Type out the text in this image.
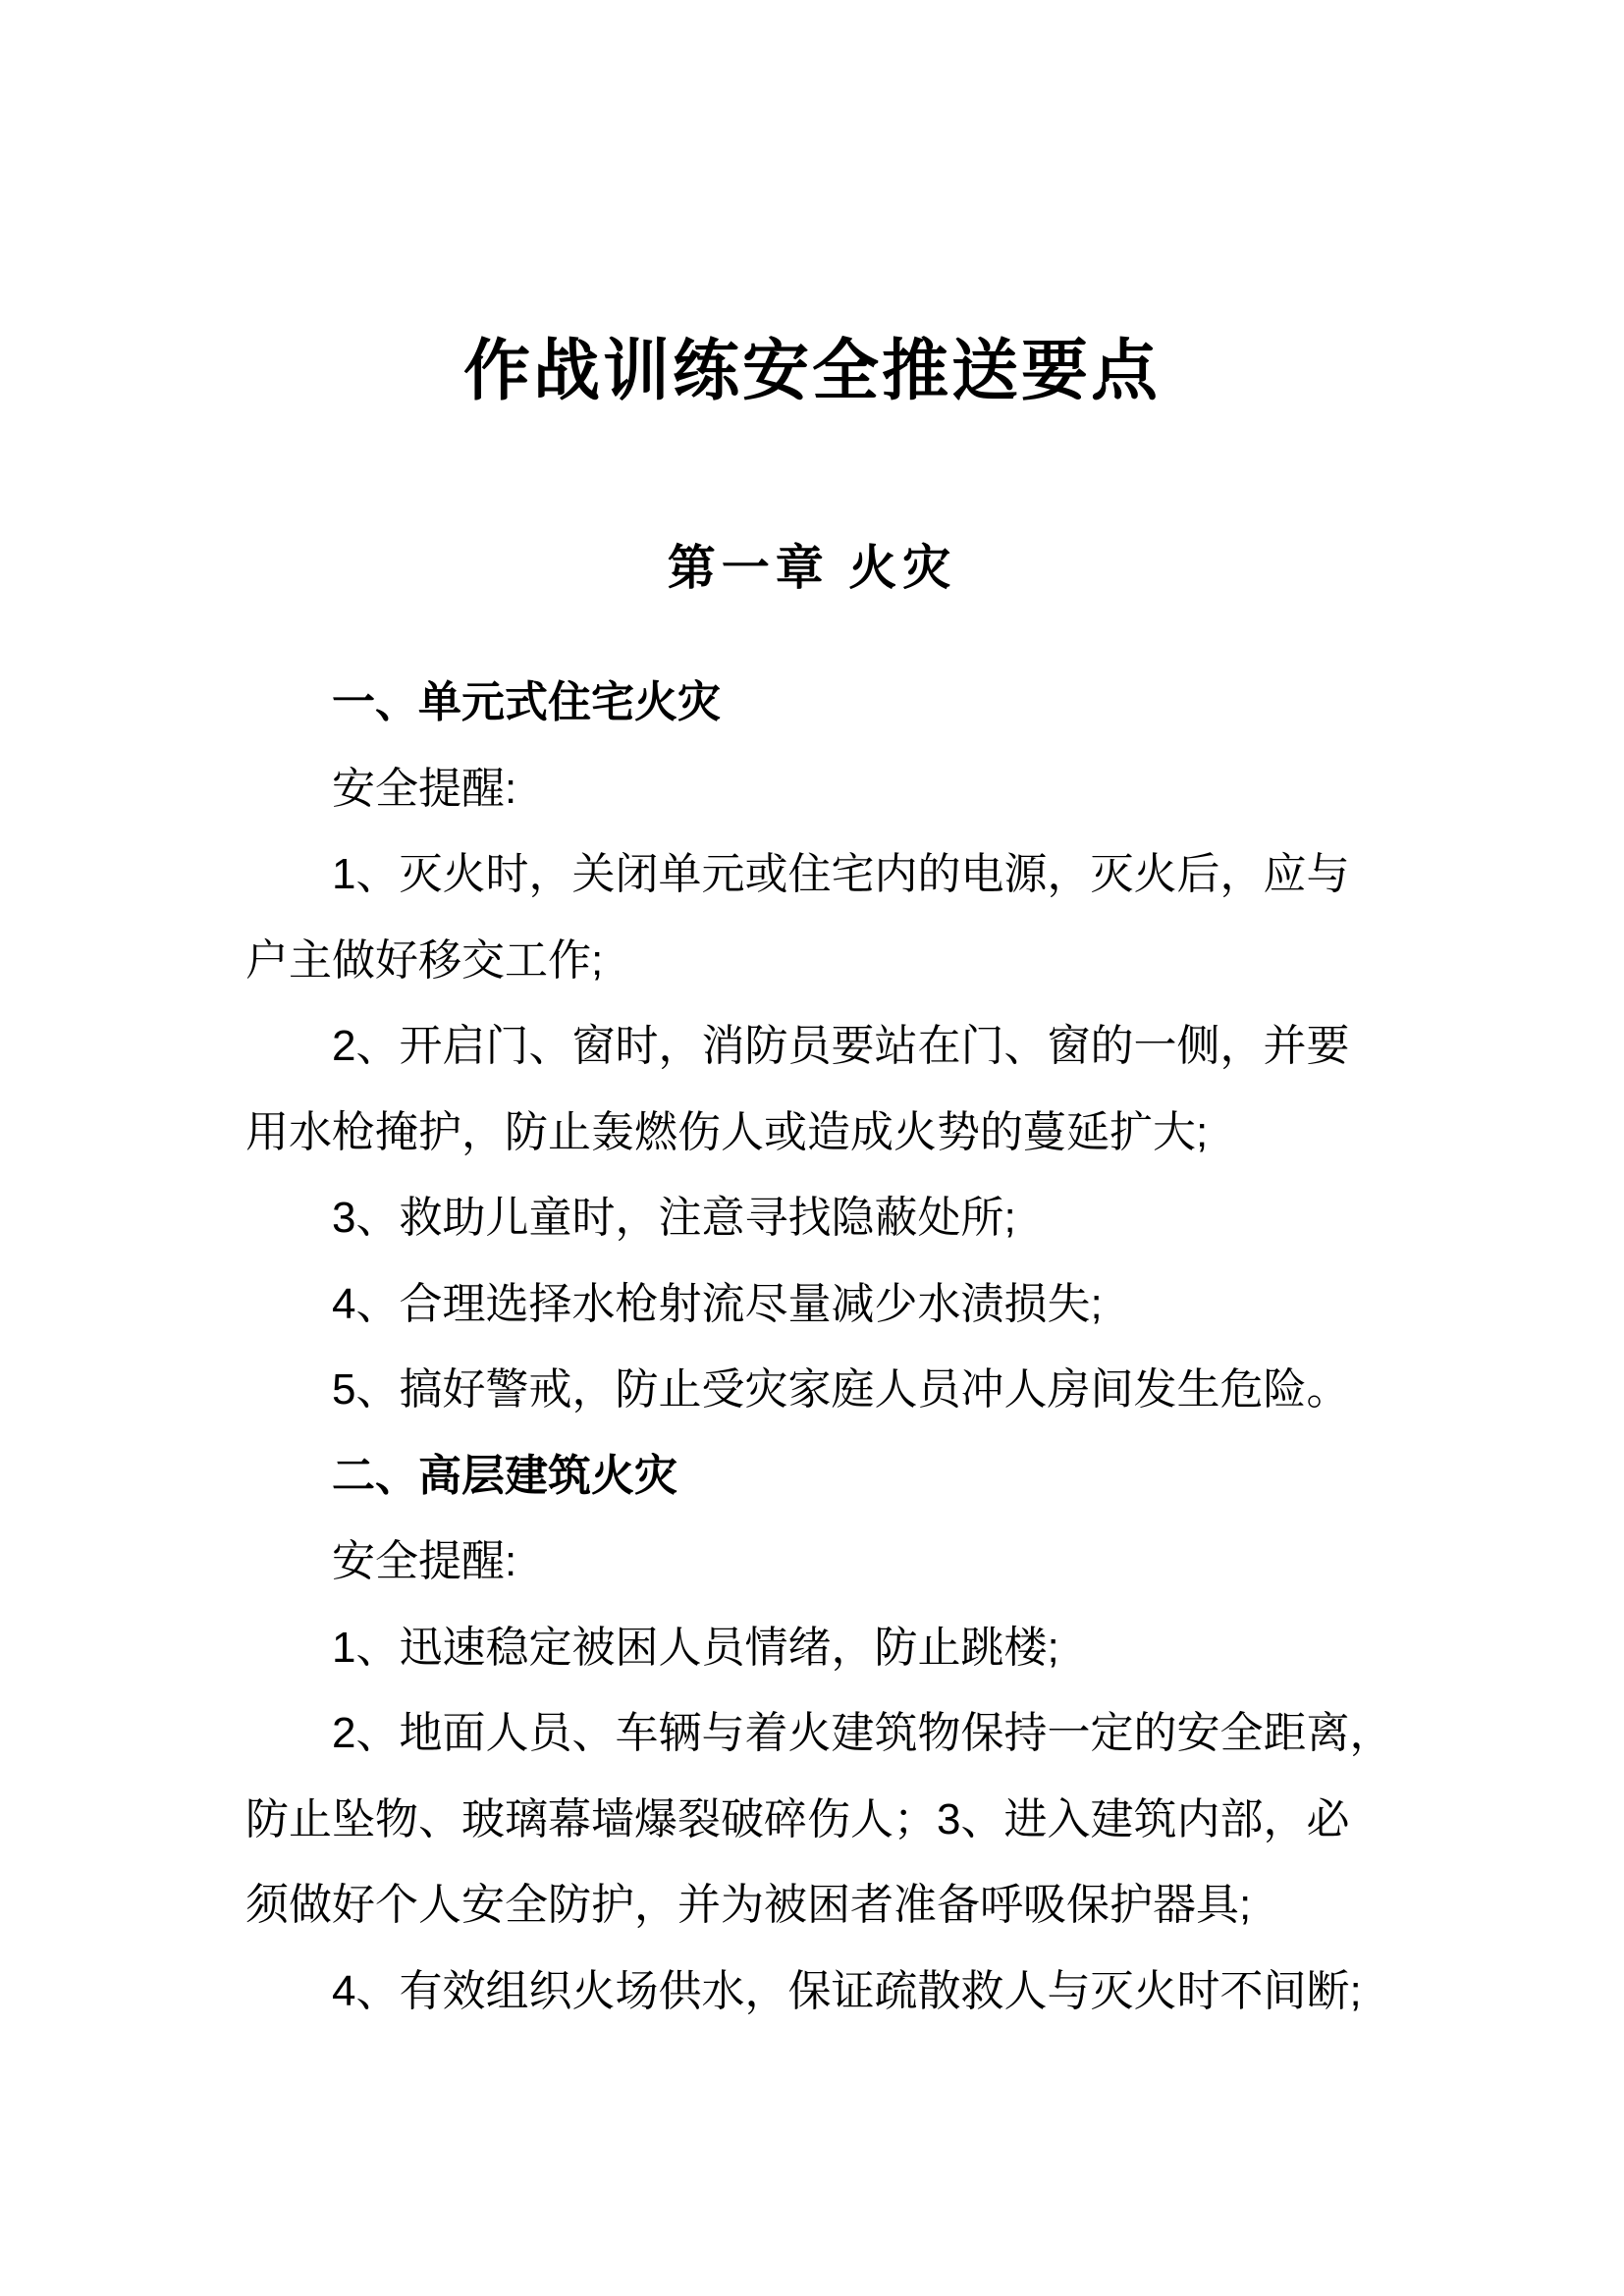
作战训练安全推送要点
第一章 火灾
一、单元式住宅火灾
安全提醒:
1、灭火时，关闭单元或住宅内的电源，灭火后，应与
户主做好移交工作;
2、开启门、窗时，消防员要站在门、窗的一侧，并要
用水枪掩护，防止轰燃伤人或造成火势的蔓延扩大;
3、救助儿童时，注意寻找隐蔽处所;
4、合理选择水枪射流尽量减少水渍损失;
5、搞好警戒，防止受灾家庭人员冲人房间发生危险。
二、高层建筑火灾
安全提醒:
1、迅速稳定被困人员情绪，防止跳楼;
2、地面人员、车辆与着火建筑物保持一定的安全距离，
防止坠物、玻璃幕墙爆裂破碎伤人；3、进入建筑内部，必
须做好个人安全防护，并为被困者准备呼吸保护器具;
4、有效组织火场供水，保证疏散救人与灭火时不间断;
